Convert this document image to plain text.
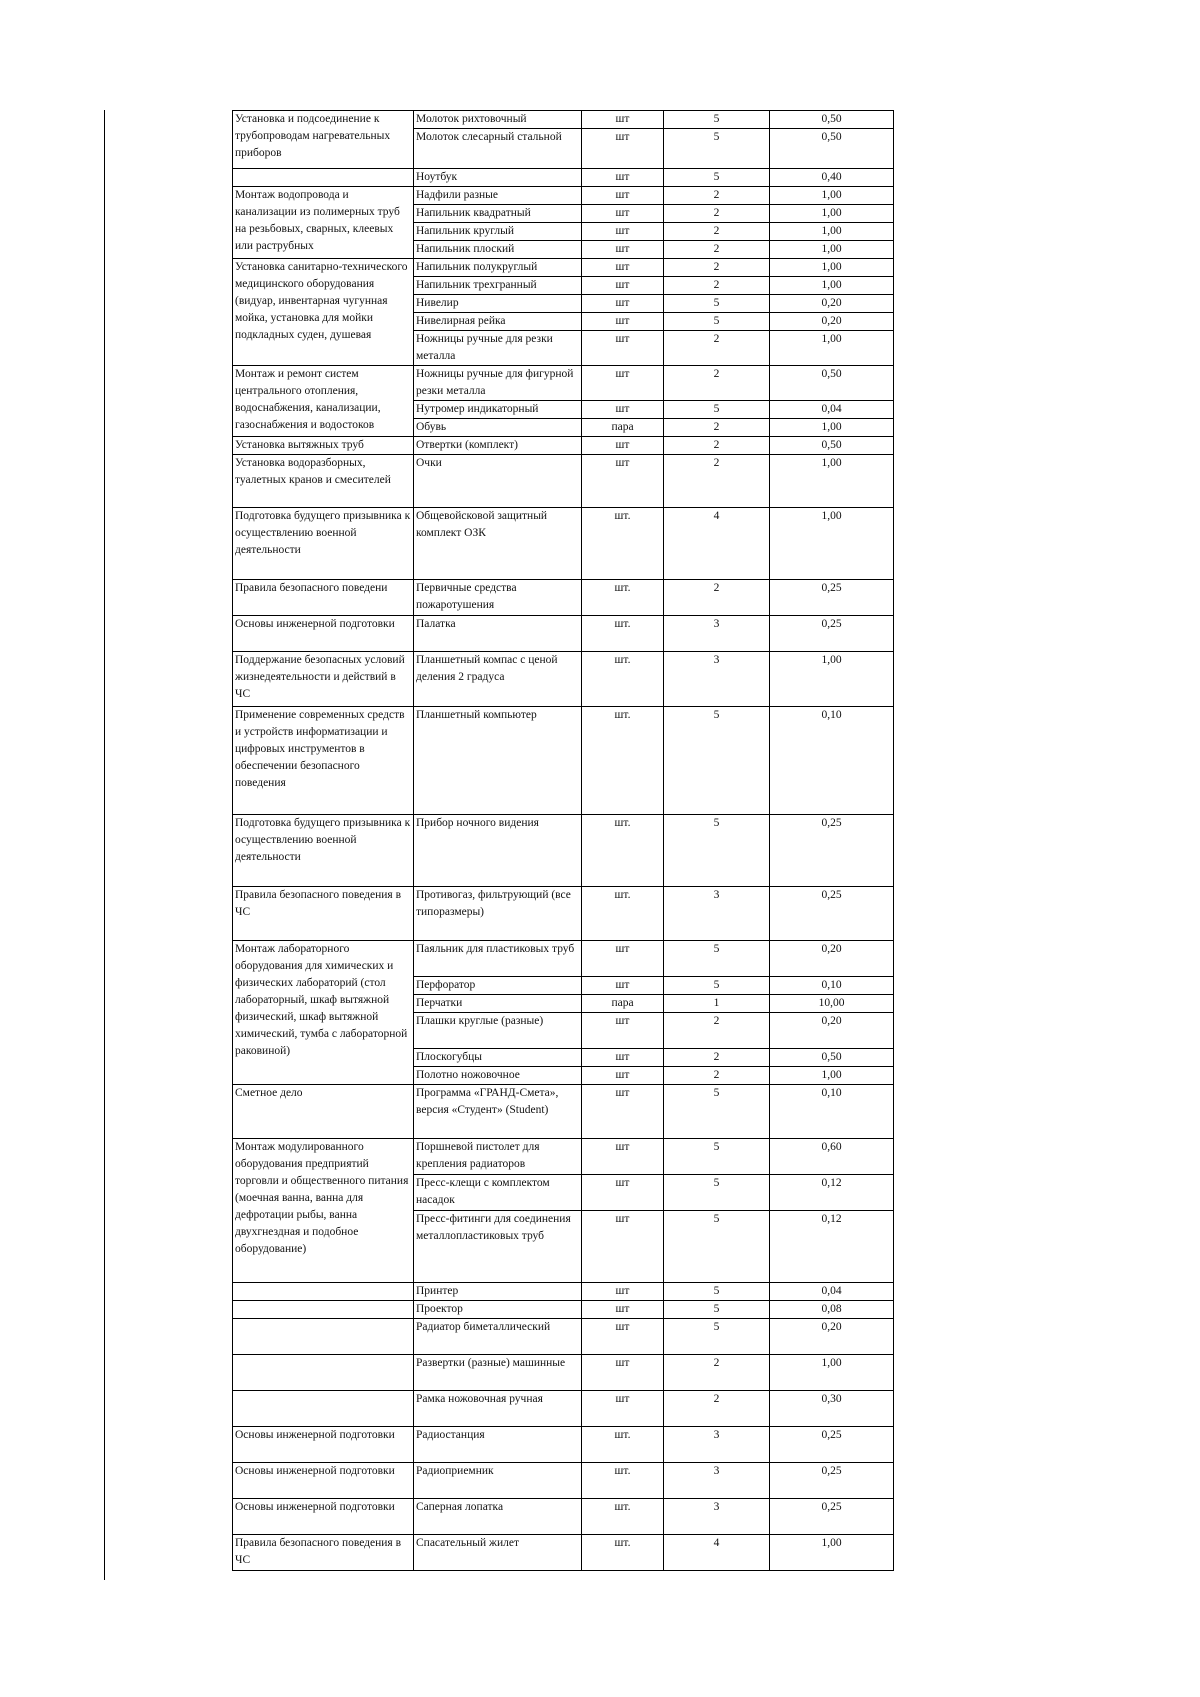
Установка и подсоединение к трубопроводам нагревательных приборов	Молоток рихтовочный	шт	5	0,50
	Молоток слесарный стальной	шт	5	0,50
	Ноутбук	шт	5	0,40
Монтаж водопровода и канализации из полимерных труб на резьбовых, сварных, клеевых или раструбных	Надфили разные	шт	2	1,00
	Напильник квадратный	шт	2	1,00
	Напильник круглый	шт	2	1,00
	Напильник плоский	шт	2	1,00
Установка санитарно-технического медицинского оборудования (видуар, инвентарная чугунная мойка, установка для мойки подкладных суден, душевая	Напильник полукруглый	шт	2	1,00
	Напильник трехгранный	шт	2	1,00
	Нивелир	шт	5	0,20
	Нивелирная рейка	шт	5	0,20
	Ножницы ручные для резки металла	шт	2	1,00
Монтаж и ремонт систем центрального отопления, водоснабжения, канализации, газоснабжения и водостоков	Ножницы ручные для фигурной резки металла	шт	2	0,50
	Нутромер индикаторный	шт	5	0,04
	Обувь	пара	2	1,00
Установка вытяжных труб	Отвертки (комплект)	шт	2	0,50
Установка водоразборных, туалетных кранов и смесителей	Очки	шт	2	1,00
Подготовка будущего призывника к осуществлению военной деятельности	Общевойсковой защитный комплект ОЗК	шт.	4	1,00
Правила безопасного поведени	Первичные средства пожаротушения	шт.	2	0,25
Основы инженерной подготовки	Палатка	шт.	3	0,25
Поддержание безопасных условий жизнедеятельности и действий в ЧС	Планшетный компас с ценой деления 2 градуса	шт.	3	1,00
Применение современных средств и устройств информатизации и цифровых инструментов в обеспечении безопасного поведения	Планшетный компьютер	шт.	5	0,10
Подготовка будущего призывника к осуществлению военной деятельности	Прибор ночного видения	шт.	5	0,25
Правила безопасного поведения в ЧС	Противогаз, фильтрующий (все типоразмеры)	шт.	3	0,25
Монтаж лабораторного оборудования для химических и физических лабораторий (стол лабораторный, шкаф вытяжной физический, шкаф вытяжной химический, тумба с лабораторной раковиной)	Паяльник для пластиковых труб	шт	5	0,20
	Перфоратор	шт	5	0,10
	Перчатки	пара	1	10,00
	Плашки круглые (разные)	шт	2	0,20
	Плоскогубцы	шт	2	0,50
	Полотно ножовочное	шт	2	1,00
Сметное дело	Программа «ГРАНД-Смета», версия «Студент» (Student)	шт	5	0,10
Монтаж модулированного оборудования предприятий торговли и общественного питания (моечная ванна, ванна для дефротации рыбы, ванна двухгнездная и подобное оборудование)	Поршневой пистолет для крепления радиаторов	шт	5	0,60
	Пресс-клещи с комплектом насадок	шт	5	0,12
	Пресс-фитинги для соединения металлопластиковых труб	шт	5	0,12
	Принтер	шт	5	0,04
	Проектор	шт	5	0,08
	Радиатор биметаллический	шт	5	0,20
	Развертки (разные) машинные	шт	2	1,00
	Рамка ножовочная ручная	шт	2	0,30
Основы инженерной подготовки	Радиостанция	шт.	3	0,25
Основы инженерной подготовки	Радиоприемник	шт.	3	0,25
Основы инженерной подготовки	Саперная лопатка	шт.	3	0,25
Правила безопасного поведения в ЧС	Спасательный жилет	шт.	4	1,00
